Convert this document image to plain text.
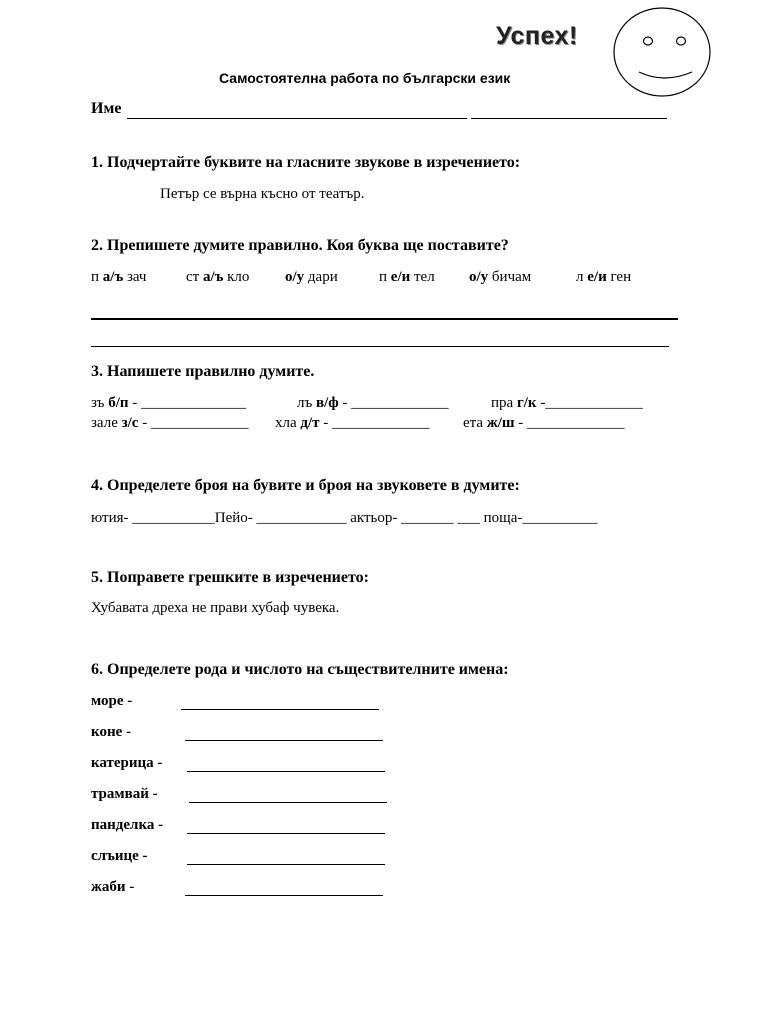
Успех!
Самостоятелна работа по български език
Име
1. Подчертайте буквите на гласните звукове в изречението:
Петър се върна късно от театър.
2. Препишете думите правилно. Коя буква ще поставите?
п а/ъ зач	ст а/ъ кло о/у дари	п е/и тел о/у бичам	л е/и ген
3. Напишете правилно думите.
зъ б/п - ______________	лъ в/ф - _____________	пра г/к -_____________
зале з/с - _____________ хла д/т - _____________ ета ж/ш - _____________
4. Определете броя на бувите и броя на звуковете в думите:
ютия- ___________Пейо- ____________ актьор- _______ ___ поща-__________
5. Поправете грешките в изречението:
Хубавата дреха не прави хубаф чувека.
6. Определете рода и числото на съществителните имена:
море -
коне -
катерица -
трамвай -
панделка -
слъице -
жаби -
